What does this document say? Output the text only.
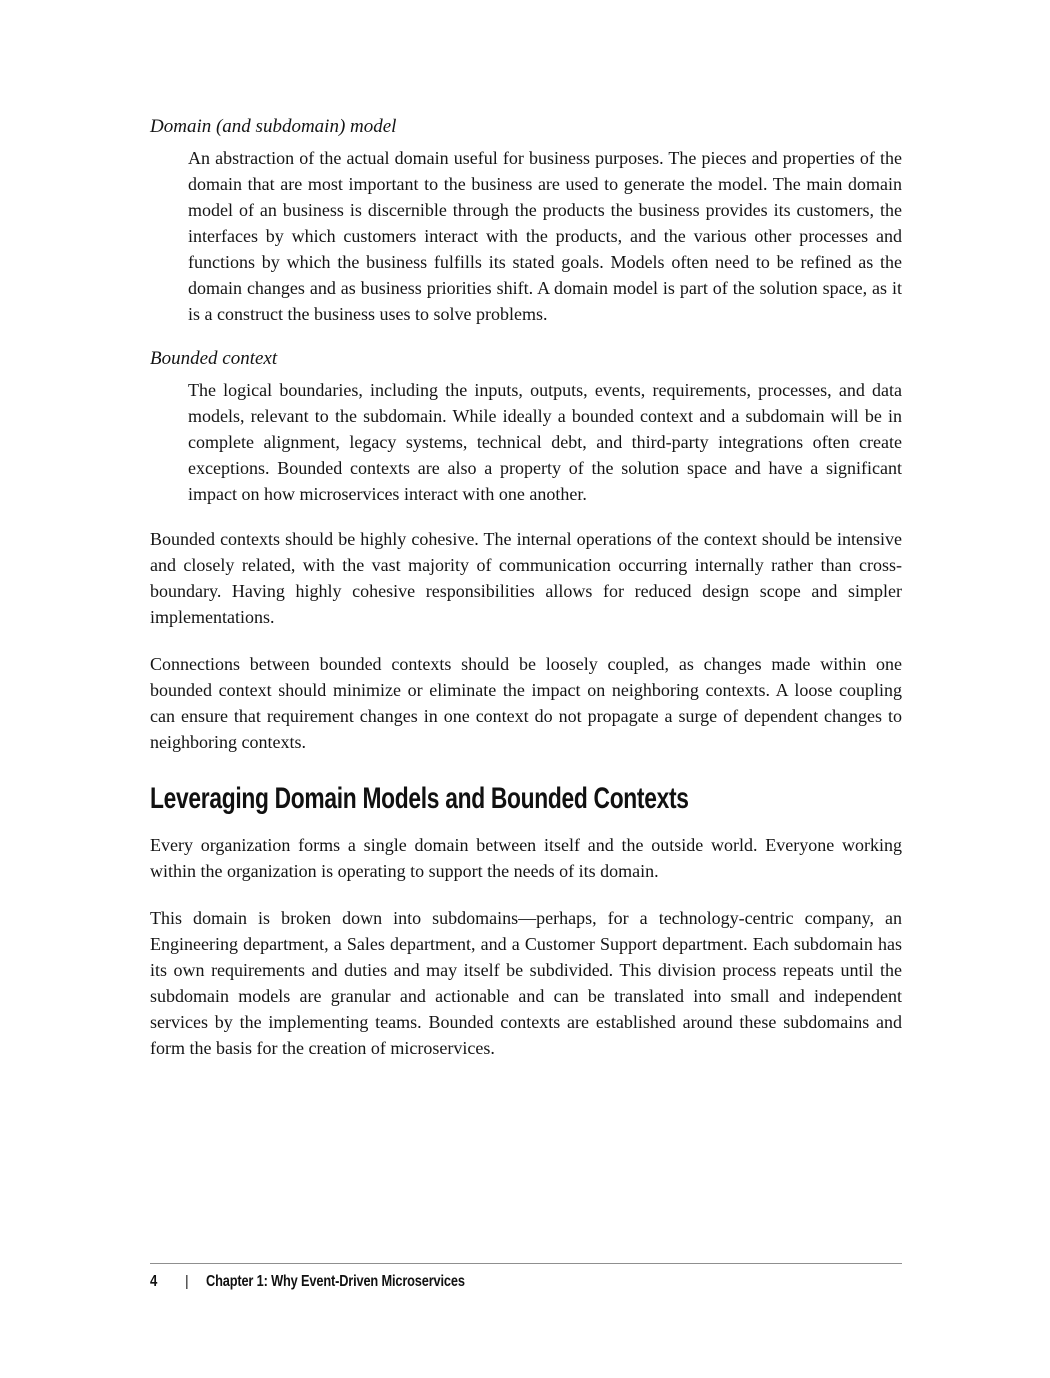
Domain (and subdomain) model

An abstraction of the actual domain useful for business purposes. The pieces and properties of the domain that are most important to the business are used to generate the model. The main domain model of an business is discernible through the products the business provides its customers, the interfaces by which customers interact with the products, and the various other processes and functions by which the business fulfills its stated goals. Models often need to be refined as the domain changes and as business priorities shift. A domain model is part of the solution space, as it is a construct the business uses to solve problems.

Bounded context

The logical boundaries, including the inputs, outputs, events, requirements, processes, and data models, relevant to the subdomain. While ideally a bounded context and a subdomain will be in complete alignment, legacy systems, technical debt, and third-party integrations often create exceptions. Bounded contexts are also a property of the solution space and have a significant impact on how microservices interact with one another.

Bounded contexts should be highly cohesive. The internal operations of the context should be intensive and closely related, with the vast majority of communication occurring internally rather than cross-boundary. Having highly cohesive responsibilities allows for reduced design scope and simpler implementations.

Connections between bounded contexts should be loosely coupled, as changes made within one bounded context should minimize or eliminate the impact on neighboring contexts. A loose coupling can ensure that requirement changes in one context do not propagate a surge of dependent changes to neighboring contexts.

Leveraging Domain Models and Bounded Contexts

Every organization forms a single domain between itself and the outside world. Everyone working within the organization is operating to support the needs of its domain.

This domain is broken down into subdomains—perhaps, for a technology-centric company, an Engineering department, a Sales department, and a Customer Support department. Each subdomain has its own requirements and duties and may itself be subdivided. This division process repeats until the subdomain models are granular and actionable and can be translated into small and independent services by the implementing teams. Bounded contexts are established around these subdomains and form the basis for the creation of microservices.

4 | Chapter 1: Why Event-Driven Microservices
